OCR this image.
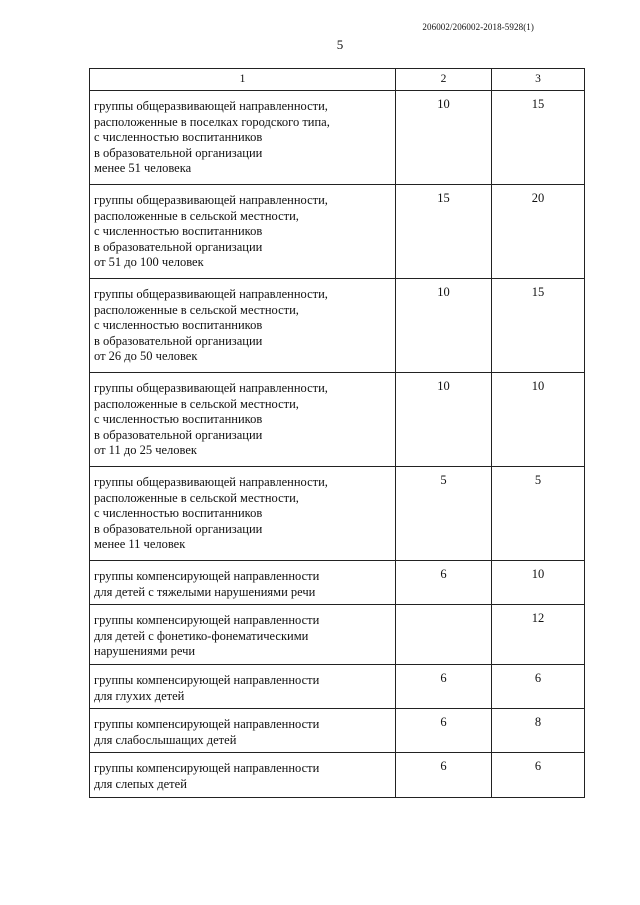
206002/206002-2018-5928(1)
5
1	2	3
группы общеразвивающей направленности,
расположенные в поселках городского типа,
с численностью воспитанников
в образовательной организации
менее 51 человека	10	15
группы общеразвивающей направленности,
расположенные в сельской местности,
с численностью воспитанников
в образовательной организации
от 51 до 100 человек	15	20
группы общеразвивающей направленности,
расположенные в сельской местности,
с численностью воспитанников
в образовательной организации
от 26 до 50 человек	10	15
группы общеразвивающей направленности,
расположенные в сельской местности,
с численностью воспитанников
в образовательной организации
от 11 до 25 человек	10	10
группы общеразвивающей направленности,
расположенные в сельской местности,
с численностью воспитанников
в образовательной организации
менее 11 человек	5	5
группы компенсирующей направленности
для детей с тяжелыми нарушениями речи	6	10
группы компенсирующей направленности
для детей с фонетико-фонематическими
нарушениями речи		12
группы компенсирующей направленности
для глухих детей	6	6
группы компенсирующей направленности
для слабослышащих детей	6	8
группы компенсирующей направленности
для слепых детей	6	6
